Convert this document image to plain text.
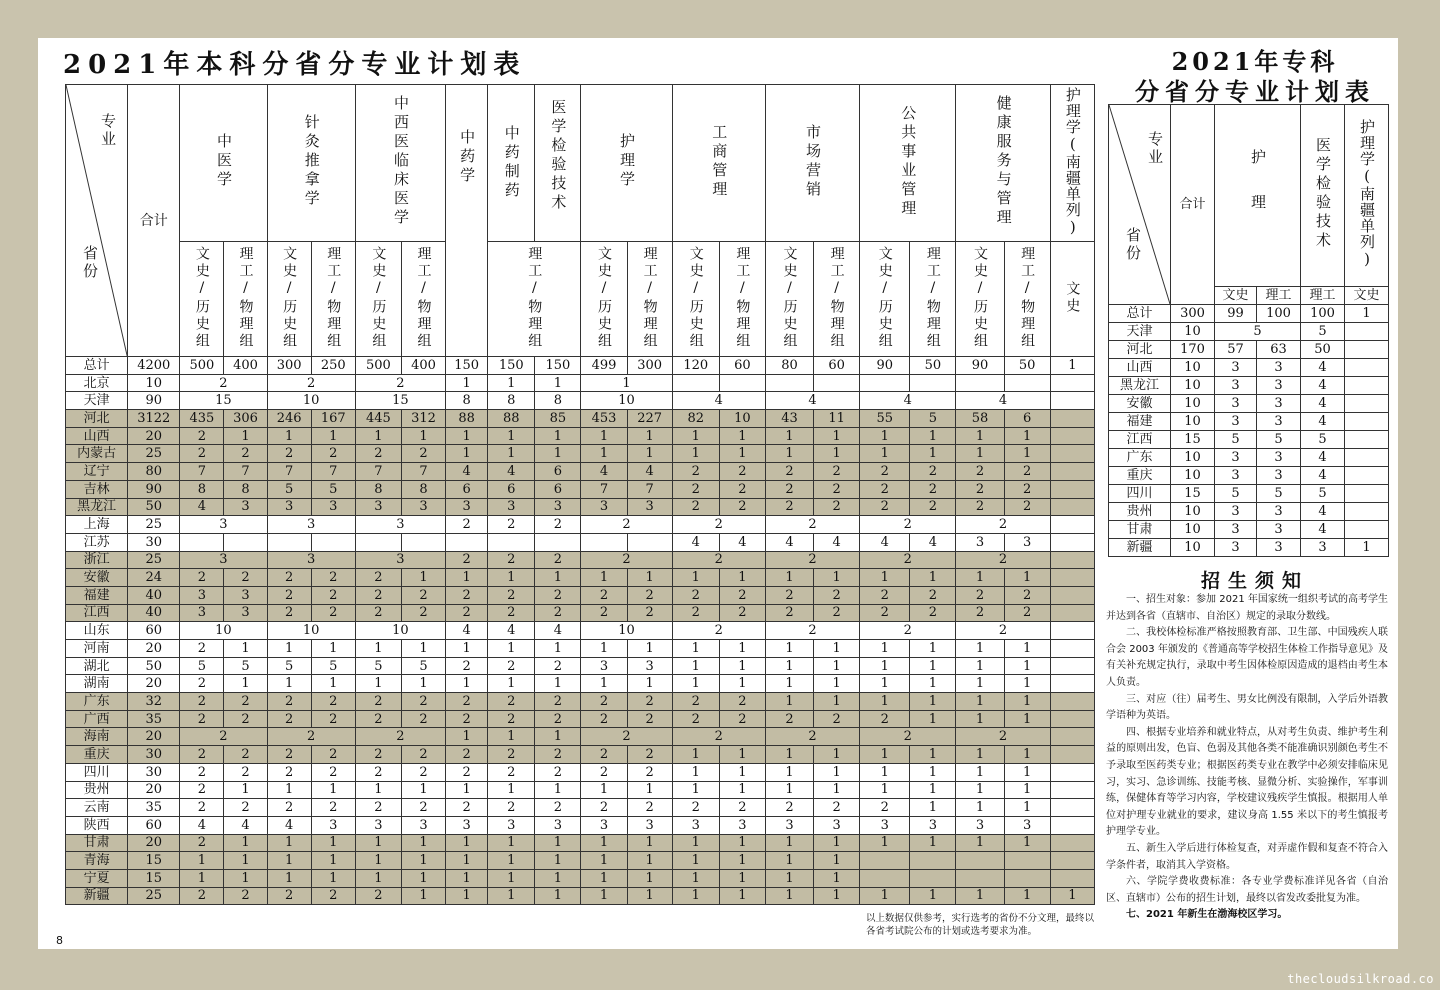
2021年本科分省分专业计划表	2021年专科
分省分专业计划表
专业
省份	合计	中医学		针灸推拿学		中西医临床医学		中药学	中药制药	医学检验技术	护理学		工商管理		市场营销		公共事业管理		健康服务与管理		护理学(南疆单列)
		文史/历史组	理工/物理组	文史/历史组	理工/物理组	文史/历史组	理工/物理组		理工/物理组		文史/历史组	理工/物理组	文史/历史组	理工/物理组	文史/历史组	理工/物理组	文史/历史组	理工/物理组	文史/历史组	理工/物理组	文史
总计	4200	500	400	300	250	500	400	150	150	150	499	300	120	60	80	60	90	50	90	50	1
北京	10	2		2		2		1	1	1	1										
天津	90	15		10		15		8	8	8	10		4		4		4		4		
河北	3122	435	306	246	167	445	312	88	88	85	453	227	82	10	43	11	55	5	58	6	
山西	20	2	1	1	1	1	1	1	1	1	1	1	1	1	1	1	1	1	1	1	
内蒙古	25	2	2	2	2	2	2	1	1	1	1	1	1	1	1	1	1	1	1	1	
辽宁	80	7	7	7	7	7	7	4	4	6	4	4	2	2	2	2	2	2	2	2	
吉林	90	8	8	5	5	8	8	6	6	6	7	7	2	2	2	2	2	2	2	2	
黑龙江	50	4	3	3	3	3	3	3	3	3	3	3	2	2	2	2	2	2	2	2	
上海	25	3		3		3		2	2	2	2		2		2		2		2		
江苏	30												4	4	4	4	4	4	3	3	
浙江	25	3		3		3		2	2	2	2		2		2		2		2		
安徽	24	2	2	2	2	2	1	1	1	1	1	1	1	1	1	1	1	1	1	1	
福建	40	3	3	2	2	2	2	2	2	2	2	2	2	2	2	2	2	2	2	2	
江西	40	3	3	2	2	2	2	2	2	2	2	2	2	2	2	2	2	2	2	2	
山东	60	10		10		10		4	4	4	10		2		2		2		2		
河南	20	2	1	1	1	1	1	1	1	1	1	1	1	1	1	1	1	1	1	1	
湖北	50	5	5	5	5	5	5	2	2	2	3	3	1	1	1	1	1	1	1	1	
湖南	20	2	1	1	1	1	1	1	1	1	1	1	1	1	1	1	1	1	1	1	
广东	32	2	2	2	2	2	2	2	2	2	2	2	2	2	1	1	1	1	1	1	
广西	35	2	2	2	2	2	2	2	2	2	2	2	2	2	2	2	2	1	1	1	
海南	20	2		2		2		1	1	1	2		2		2		2		2		
重庆	30	2	2	2	2	2	2	2	2	2	2	2	1	1	1	1	1	1	1	1	
四川	30	2	2	2	2	2	2	2	2	2	2	2	1	1	1	1	1	1	1	1	
贵州	20	2	1	1	1	1	1	1	1	1	1	1	1	1	1	1	1	1	1	1	
云南	35	2	2	2	2	2	2	2	2	2	2	2	2	2	2	2	2	1	1	1	
陕西	60	4	4	4	3	3	3	3	3	3	3	3	3	3	3	3	3	3	3	3	
甘肃	20	2	1	1	1	1	1	1	1	1	1	1	1	1	1	1	1	1	1	1	
青海	15	1	1	1	1	1	1	1	1	1	1	1	1	1	1	1					
宁夏	15	1	1	1	1	1	1	1	1	1	1	1	1	1	1	1					
新疆	25	2	2	2	2	2	1	1	1	1	1	1	1	1	1	1	1	1	1	1	1
专业
省份	合计	护理		医学检验技术	护理学(南疆单列)
		文史	理工	理工	文史
总计	300	99	100	100	1
天津	10	5		5	
河北	170	57	63	50	
山西	10	3	3	4	
黑龙江	10	3	3	4	
安徽	10	3	3	4	
福建	10	3	3	4	
江西	15	5	5	5	
广东	10	3	3	4	
重庆	10	3	3	4	
四川	15	5	5	5	
贵州	10	3	3	4	
甘肃	10	3	3	4	
新疆	10	3	3	3	1
招生须知

一、招生对象：参加 2021 年国家统一组织考试的高考学生并达到各省（直辖市、自治区）规定的录取分数线。

二、我校体检标准严格按照教育部、卫生部、中国残疾人联合会 2003 年颁发的《普通高等学校招生体检工作指导意见》及有关补充规定执行，录取中考生因体检原因造成的退档由考生本人负责。

三、对应（往）届考生、男女比例没有限制，入学后外语教学语种为英语。

四、根据专业培养和就业特点，从对考生负责、维护考生利益的原则出发，色盲、色弱及其他各类不能准确识别颜色考生不予录取至医药类专业；根据医药类专业在教学中必须安排临床见习，实习、急诊训练、技能考核、显微分析、实验操作，军事训练，保健体育等学习内容，学校建议残疾学生慎报。根据用人单位对护理专业就业的要求，建议身高 1.55 米以下的考生慎报考护理学专业。

五、新生入学后进行体检复查，对弄虚作假和复查不符合入学条件者，取消其入学资格。

六、学院学费收费标准：各专业学费标准详见各省（自治区、直辖市）公布的招生计划，最终以省发改委批复为准。

七、2021 年新生在渤海校区学习。

以上数据仅供参考，实行选考的省份不分文理，最终以各省考试院公布的计划或选考要求为准。
8
thecloudsilkroad.co
